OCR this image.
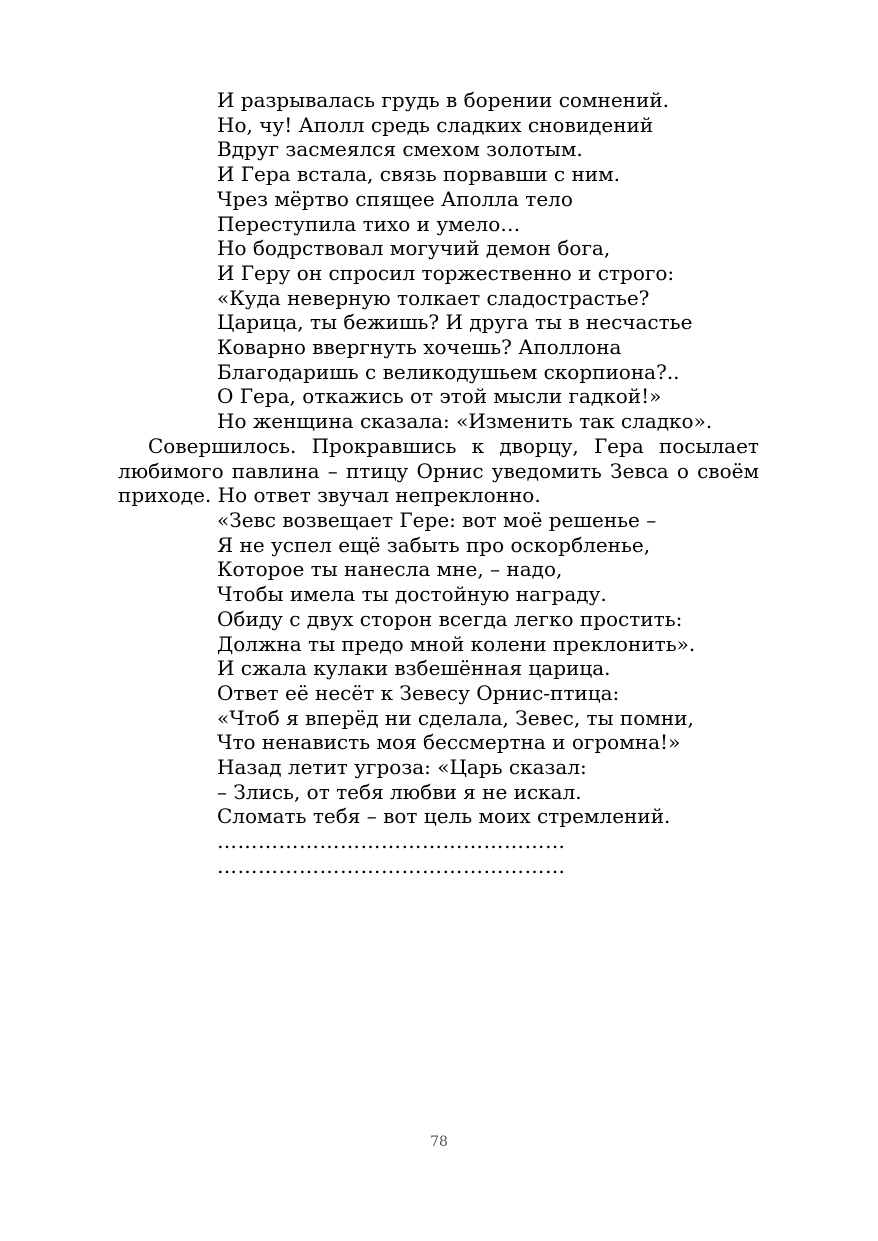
И разрывалась грудь в борении сомнений.
Но, чу! Аполл средь сладких сновидений
Вдруг засмеялся смехом золотым.
И Гера встала, связь порвавши с ним.
Чрез мёртво спящее Аполла тело
Переступила тихо и умело…
Но бодрствовал могучий демон бога,
И Геру он спросил торжественно и строго:
«Куда неверную толкает сладострастье?
Царица, ты бежишь? И друга ты в несчастье
Коварно ввергнуть хочешь? Аполлона
Благодаришь с великодушьем скорпиона?..
О Гера, откажись от этой мысли гадкой!»
Но женщина сказала: «Изменить так сладко».

Совершилось. Прокравшись к дворцу, Гера посылает любимого павлина – птицу Орнис уведомить Зевса о своём приходе. Но ответ звучал непреклонно.

«Зевс возвещает Гере: вот моё решенье –
Я не успел ещё забыть про оскорбленье,
Которое ты нанесла мне, – надо,
Чтобы имела ты достойную награду.
Обиду с двух сторон всегда легко простить:
Должна ты предо мной колени преклонить».
И сжала кулаки взбешённая царица.
Ответ её несёт к Зевесу Орнис-птица:
«Чтоб я вперёд ни сделала, Зевес, ты помни,
Что ненависть моя бессмертна и огромна!»
Назад летит угроза: «Царь сказал:
– Злись, от тебя любви я не искал.
Сломать тебя – вот цель моих стремлений.
……………………………………………
……………………………………………
78
